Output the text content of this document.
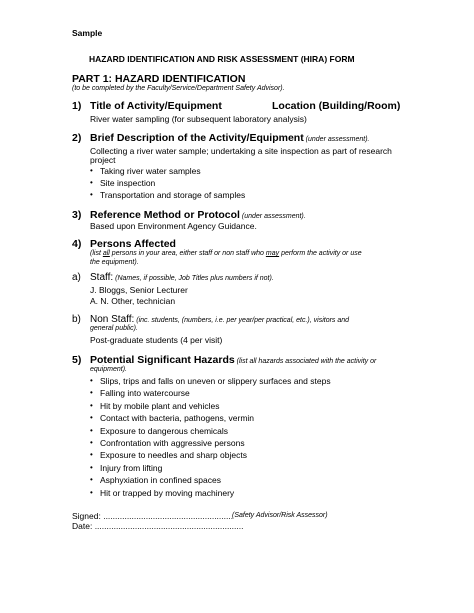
Sample
HAZARD IDENTIFICATION AND RISK ASSESSMENT (HIRA) FORM
PART 1: HAZARD IDENTIFICATION
(to be completed by the Faculty/Service/Department Safety Advisor).
1) Title of Activity/Equipment	Location (Building/Room)
River water sampling (for subsequent laboratory analysis)
2) Brief Description of the Activity/Equipment (under assessment).
Collecting a river water sample; undertaking a site inspection as part of research
project
• Taking river water samples
• Site inspection
• Transportation and storage of samples
3) Reference Method or Protocol (under assessment).
Based upon Environment Agency Guidance.
4) Persons Affected
(list all persons in your area, either staff or non staff who may perform the activity or use
the equipment).
a) Staff: (Names, if possible, Job Titles plus numbers if not).
J. Bloggs, Senior Lecturer
A. N. Other, technician
b) Non Staff: (inc. students, (numbers, i.e. per year/per practical, etc.), visitors and
general public).
Post-graduate students (4 per visit)
5) Potential Significant Hazards (list all hazards associated with the activity or
equipment).
• Slips, trips and falls on uneven or slippery surfaces and steps
• Falling into watercourse
• Hit by mobile plant and vehicles
• Contact with bacteria, pathogens, vermin
• Exposure to dangerous chemicals
• Confrontation with aggressive persons
• Exposure to needles and sharp objects
• Injury from lifting
• Asphyxiation in confined spaces
• Hit or trapped by moving machinery
Signed: .......................................................
(Safety Advisor/Risk Assessor)
Date: ...............................................................
